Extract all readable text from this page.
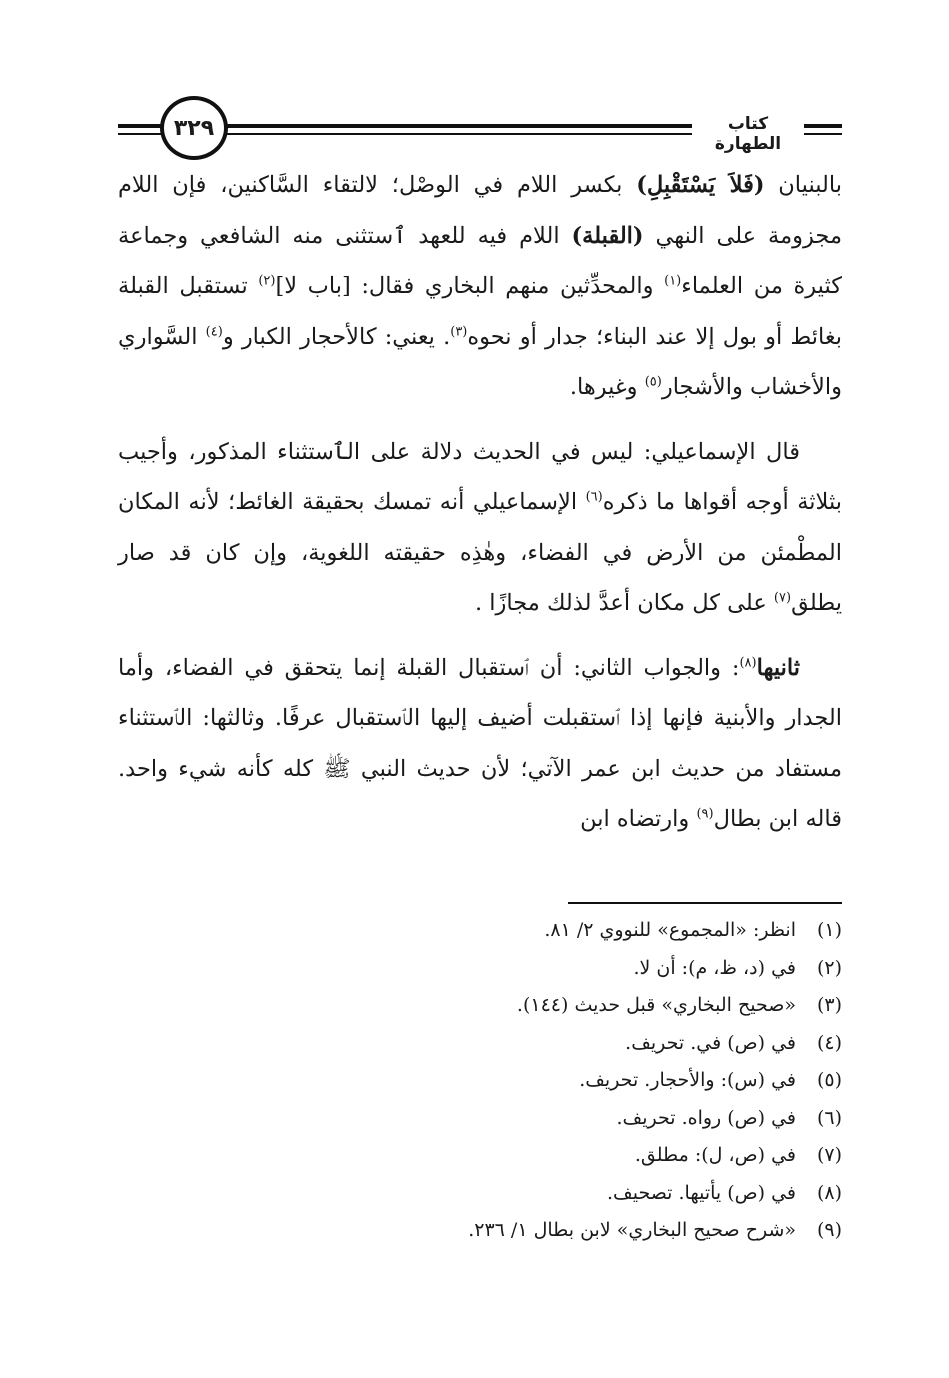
٣٢٩	كتاب الطهارة

بالبنيان (فَلاَ يَسْتَقْبِلِ) بكسر اللام في الوصْل؛ لالتقاء السَّاكنين، فإن اللام مجزومة على النهي (القبلة) اللام فيه للعهد ٱستثنى منه الشافعي وجماعة كثيرة من العلماء$^{(١)}$ والمحدِّثين منهم البخاري فقال: [باب لا]$^{(٢)}$ تستقبل القبلة بغائط أو بول إلا عند البناء؛ جدار أو نحوه$^{(٣)}$. يعني: كالأحجار الكبار و$^{(٤)}$ السَّواري والأخشاب والأشجار$^{(٥)}$ وغيرها.

قال الإسماعيلي: ليس في الحديث دلالة على الٱستثناء المذكور، وأجيب بثلاثة أوجه أقواها ما ذكره$^{(٦)}$ الإسماعيلي أنه تمسك بحقيقة الغائط؛ لأنه المكان المطْمئن من الأرض في الفضاء، وهٰذِه حقيقته اللغوية، وإن كان قد صار يطلق$^{(٧)}$ على كل مكان أعدَّ لذلك مجازًا .

ثانيها$^{(٨)}$: والجواب الثاني: أن ٱستقبال القبلة إنما يتحقق في الفضاء، وأما الجدار والأبنية فإنها إذا ٱستقبلت أضيف إليها الٱستقبال عرفًا. وثالثها: الٱستثناء مستفاد من حديث ابن عمر الآتي؛ لأن حديث النبي ﷺ كله كأنه شيء واحد. قاله ابن بطال$^{(٩)}$ وارتضاه ابن

(١)
انظر: «المجموع» للنووي ٢/ ٨١.
(٢)
في (د، ظ، م): أن لا.
(٣)
«صحيح البخاري» قبل حديث (١٤٤).
(٤)
في (ص) في. تحريف.
(٥)
في (س): والأحجار. تحريف.
(٦)
في (ص) رواه. تحريف.
(٧)
في (ص، ل): مطلق.
(٨)
في (ص) يأتيها. تصحيف.
(٩)
«شرح صحيح البخاري» لابن بطال ١/ ٢٣٦.
